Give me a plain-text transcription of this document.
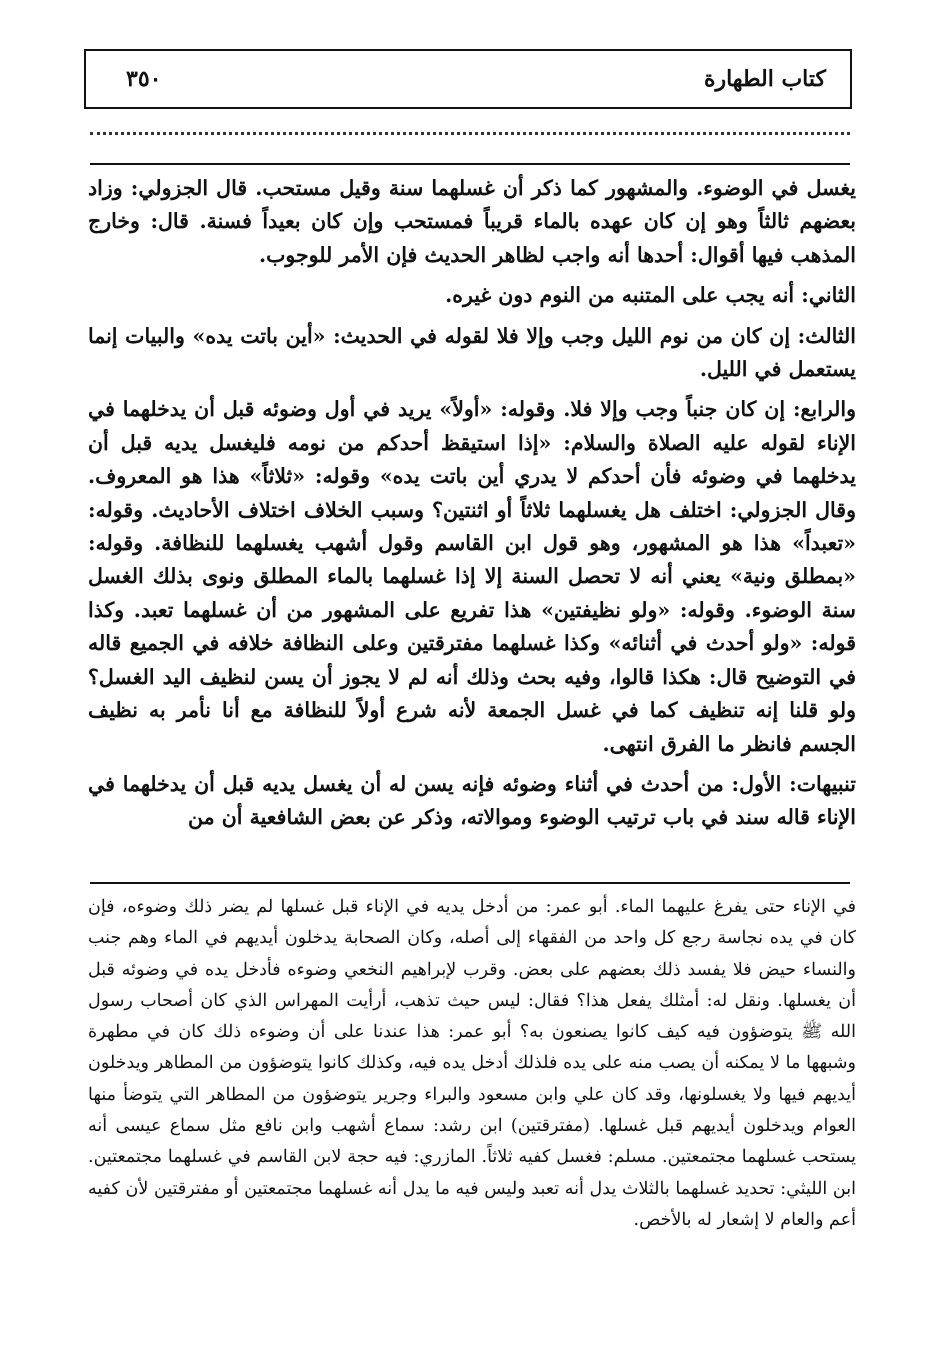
٣٥٠	كتاب الطهارة

يغسل في الوضوء. والمشهور كما ذكر أن غسلهما سنة وقيل مستحب. قال الجزولي: وزاد بعضهم ثالثاً وهو إن كان عهده بالماء قريباً فمستحب وإن كان بعيداً فسنة. قال: وخارج المذهب فيها أقوال: أحدها أنه واجب لظاهر الحديث فإن الأمر للوجوب.

الثاني: أنه يجب على المتنبه من النوم دون غيره.

الثالث: إن كان من نوم الليل وجب وإلا فلا لقوله في الحديث: «أين باتت يده» والبيات إنما يستعمل في الليل.

والرابع: إن كان جنباً وجب وإلا فلا. وقوله: «أولاً» يريد في أول وضوئه قبل أن يدخلهما في الإناء لقوله عليه الصلاة والسلام: «إذا استيقظ أحدكم من نومه فليغسل يديه قبل أن يدخلهما في وضوئه فأن أحدكم لا يدري أين باتت يده» وقوله: «ثلاثاً» هذا هو المعروف. وقال الجزولي: اختلف هل يغسلهما ثلاثاً أو اثنتين؟ وسبب الخلاف اختلاف الأحاديث. وقوله: «تعبداً» هذا هو المشهور، وهو قول ابن القاسم وقول أشهب يغسلهما للنظافة. وقوله: «بمطلق ونية» يعني أنه لا تحصل السنة إلا إذا غسلهما بالماء المطلق ونوى بذلك الغسل سنة الوضوء. وقوله: «ولو نظيفتين» هذا تفريع على المشهور من أن غسلهما تعبد. وكذا قوله: «ولو أحدث في أثنائه» وكذا غسلهما مفترقتين وعلى النظافة خلافه في الجميع قاله في التوضيح قال: هكذا قالوا، وفيه بحث وذلك أنه لم لا يجوز أن يسن لنظيف اليد الغسل؟ ولو قلنا إنه تنظيف كما في غسل الجمعة لأنه شرع أولاً للنظافة مع أنا نأمر به نظيف الجسم فانظر ما الفرق انتهى.

تنبيهات: الأول: من أحدث في أثناء وضوئه فإنه يسن له أن يغسل يديه قبل أن يدخلهما في الإناء قاله سند في باب ترتيب الوضوء وموالاته، وذكر عن بعض الشافعية أن من

في الإناء حتى يفرغ عليهما الماء. أبو عمر: من أدخل يديه في الإناء قبل غسلها لم يضر ذلك وضوءه، فإن كان في يده نجاسة رجع كل واحد من الفقهاء إلى أصله، وكان الصحابة يدخلون أيديهم في الماء وهم جنب والنساء حيض فلا يفسد ذلك بعضهم على بعض. وقرب لإبراهيم النخعي وضوءه فأدخل يده في وضوئه قبل أن يغسلها. ونقل له: أمثلك يفعل هذا؟ فقال: ليس حيث تذهب، أرأيت المهراس الذي كان أصحاب رسول الله ﷺ يتوضؤون فيه كيف كانوا يصنعون به؟ أبو عمر: هذا عندنا على أن وضوءه ذلك كان في مطهرة وشبهها ما لا يمكنه أن يصب منه على يده فلذلك أدخل يده فيه، وكذلك كانوا يتوضؤون من المطاهر ويدخلون أيديهم فيها ولا يغسلونها، وقد كان علي وابن مسعود والبراء وجرير يتوضؤون من المطاهر التي يتوضأ منها العوام ويدخلون أيديهم قبل غسلها. (مفترقتين) ابن رشد: سماع أشهب وابن نافع مثل سماع عيسى أنه يستحب غسلهما مجتمعتين. مسلم: فغسل كفيه ثلاثاً. المازري: فيه حجة لابن القاسم في غسلهما مجتمعتين. ابن الليثي: تحديد غسلهما بالثلاث يدل أنه تعبد وليس فيه ما يدل أنه غسلهما مجتمعتين أو مفترقتين لأن كفيه أعم والعام لا إشعار له بالأخص.
